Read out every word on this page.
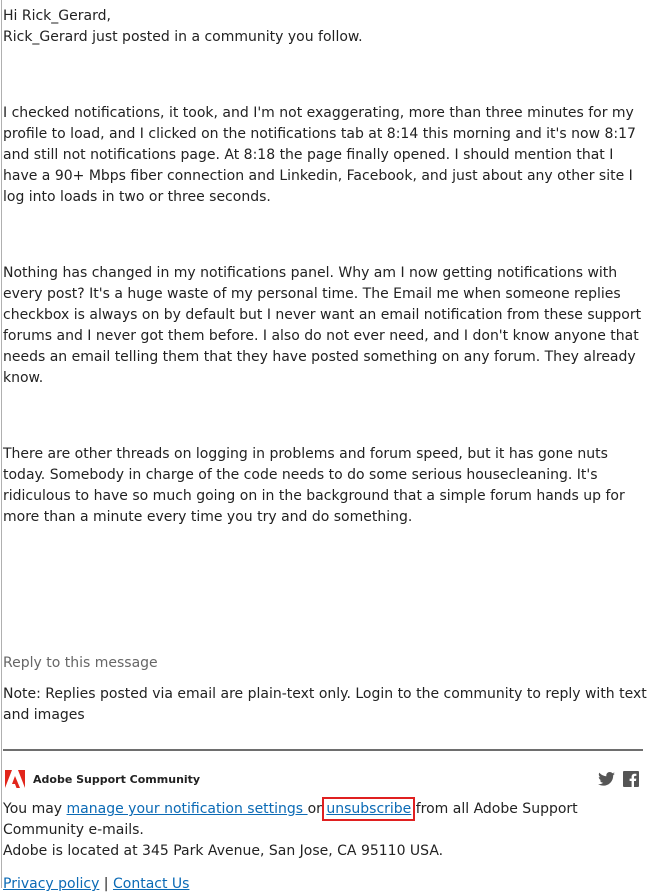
Hi Rick_Gerard,

Rick_Gerard just posted in a community you follow.

I checked notifications, it took, and I'm not exaggerating, more than three minutes for my profile to load, and I clicked on the notifications tab at 8:14 this morning and it's now 8:17 and still not notifications page. At 8:18 the page finally opened. I should mention that I have a 90+ Mbps fiber connection and Linkedin, Facebook, and just about any other site I log into loads in two or three seconds.

Nothing has changed in my notifications panel. Why am I now getting notifications with every post? It's a huge waste of my personal time. The Email me when someone replies checkbox is always on by default but I never want an email notification from these support forums and I never got them before. I also do not ever need, and I don't know anyone that needs an email telling them that they have posted something on any forum. They already know.

There are other threads on logging in problems and forum speed, but it has gone nuts today. Somebody in charge of the code needs to do some serious housecleaning. It's ridiculous to have so much going on in the background that a simple forum hands up for more than a minute every time you try and do something.

Reply to this message

Note: Replies posted via email are plain-text only. Login to the community to reply with text and images

Adobe Support Community

You may manage your notification settings or unsubscribe from all Adobe Support Community e-mails.

Adobe is located at 345 Park Avenue, San Jose, CA 95110 USA.

Privacy policy | Contact Us
